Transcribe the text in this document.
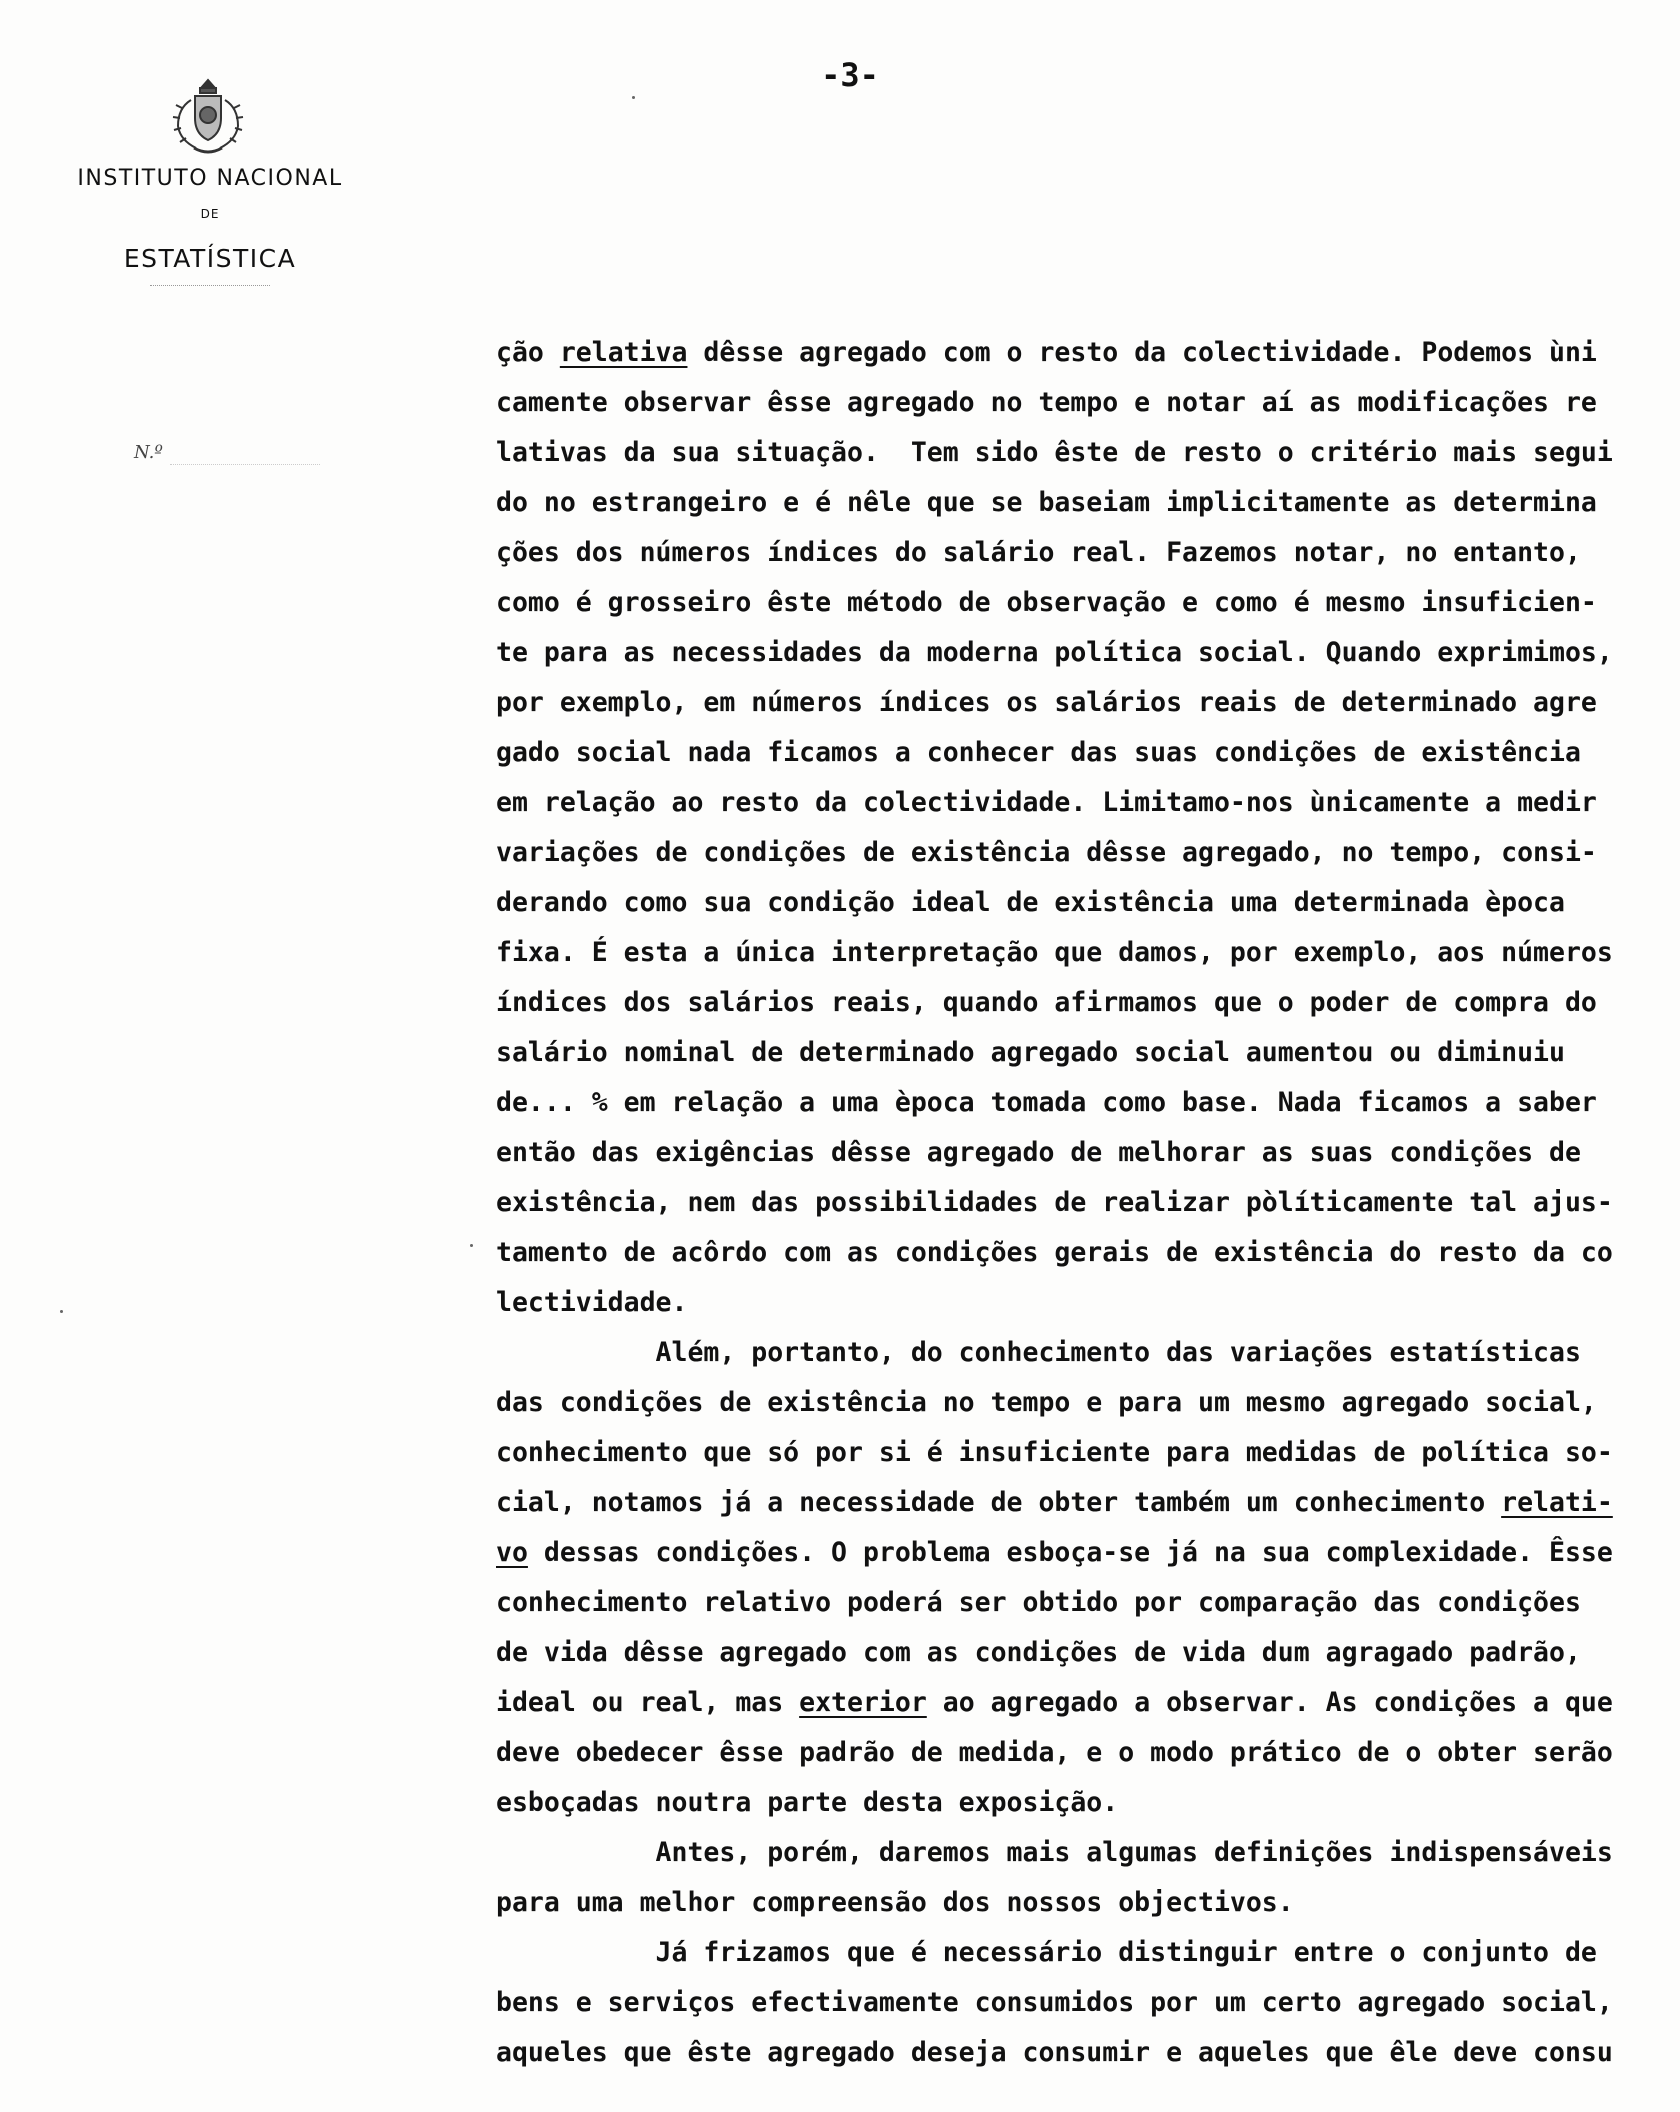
-3-
INSTITUTO NACIONAL
DE
ESTATÍSTICA
N.º
ção relativa dêsse agregado com o resto da colectividade. Podemos ùni
camente observar êsse agregado no tempo e notar aí as modificações re
lativas da sua situação.  Tem sido êste de resto o critério mais segui
do no estrangeiro e é nêle que se baseiam implicitamente as determina
ções dos números índices do salário real. Fazemos notar, no entanto,
como é grosseiro êste método de observação e como é mesmo insuficien-
te para as necessidades da moderna política social. Quando exprimimos,
por exemplo, em números índices os salários reais de determinado agre
gado social nada ficamos a conhecer das suas condições de existência
em relação ao resto da colectividade. Limitamo-nos ùnicamente a medir
variações de condições de existência dêsse agregado, no tempo, consi-
derando como sua condição ideal de existência uma determinada època
fixa. É esta a única interpretação que damos, por exemplo, aos números
índices dos salários reais, quando afirmamos que o poder de compra do
salário nominal de determinado agregado social aumentou ou diminuiu
de... % em relação a uma època tomada como base. Nada ficamos a saber
então das exigências dêsse agregado de melhorar as suas condições de
existência, nem das possibilidades de realizar pòlíticamente tal ajus-
tamento de acôrdo com as condições gerais de existência do resto da co
lectividade.
Além, portanto, do conhecimento das variações estatísticas
das condições de existência no tempo e para um mesmo agregado social,
conhecimento que só por si é insuficiente para medidas de política so-
cial, notamos já a necessidade de obter também um conhecimento relati-
vo dessas condições. O problema esboça-se já na sua complexidade. Êsse
conhecimento relativo poderá ser obtido por comparação das condições
de vida dêsse agregado com as condições de vida dum agragado padrão,
ideal ou real, mas exterior ao agregado a observar. As condições a que
deve obedecer êsse padrão de medida, e o modo prático de o obter serão
esboçadas noutra parte desta exposição.
Antes, porém, daremos mais algumas definições indispensáveis
para uma melhor compreensão dos nossos objectivos.
Já frizamos que é necessário distinguir entre o conjunto de
bens e serviços efectivamente consumidos por um certo agregado social,
aqueles que êste agregado deseja consumir e aqueles que êle deve consu
